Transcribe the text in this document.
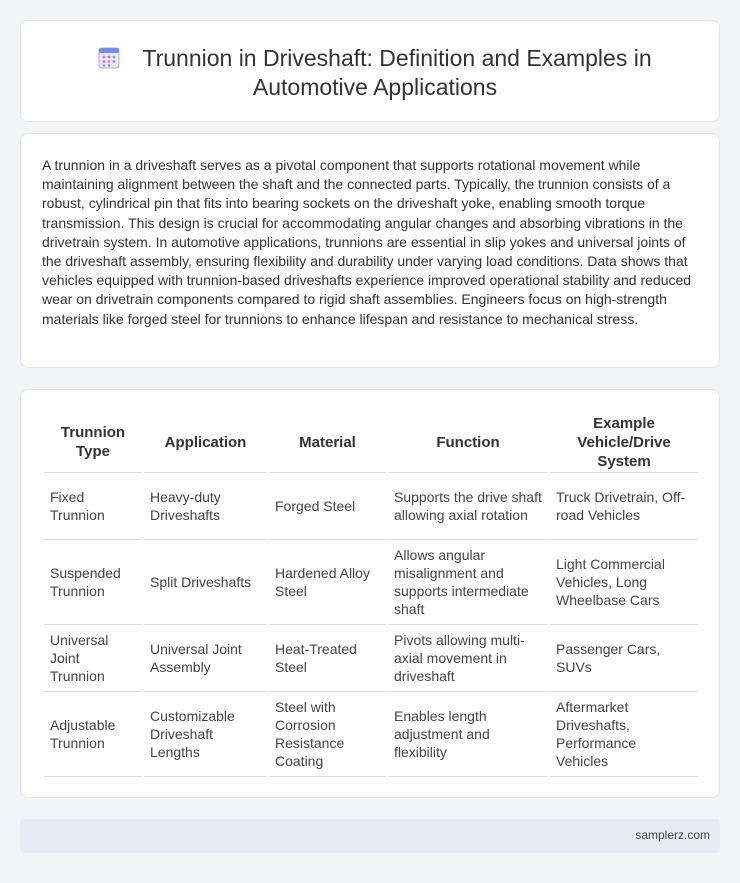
Trunnion in Driveshaft: Definition and Examples in Automotive Applications

A trunnion in a driveshaft serves as a pivotal component that supports rotational movement while maintaining alignment between the shaft and the connected parts. Typically, the trunnion consists of a robust, cylindrical pin that fits into bearing sockets on the driveshaft yoke, enabling smooth torque transmission. This design is crucial for accommodating angular changes and absorbing vibrations in the drivetrain system. In automotive applications, trunnions are essential in slip yokes and universal joints of the driveshaft assembly, ensuring flexibility and durability under varying load conditions. Data shows that vehicles equipped with trunnion-based driveshafts experience improved operational stability and reduced wear on drivetrain components compared to rigid shaft assemblies. Engineers focus on high-strength materials like forged steel for trunnions to enhance lifespan and resistance to mechanical stress.

Trunnion Type	Application	Material	Function	Example Vehicle/Drive System
Fixed Trunnion	Heavy-duty Driveshafts	Forged Steel	Supports the drive shaft allowing axial rotation	Truck Drivetrain, Off-road Vehicles
Suspended Trunnion	Split Driveshafts	Hardened Alloy Steel	Allows angular misalignment and supports intermediate shaft	Light Commercial Vehicles, Long Wheelbase Cars
Universal Joint Trunnion	Universal Joint Assembly	Heat-Treated Steel	Pivots allowing multi-axial movement in driveshaft	Passenger Cars, SUVs
Adjustable Trunnion	Customizable Driveshaft Lengths	Steel with Corrosion Resistance Coating	Enables length adjustment and flexibility	Aftermarket Driveshafts, Performance Vehicles
samplerz.com
